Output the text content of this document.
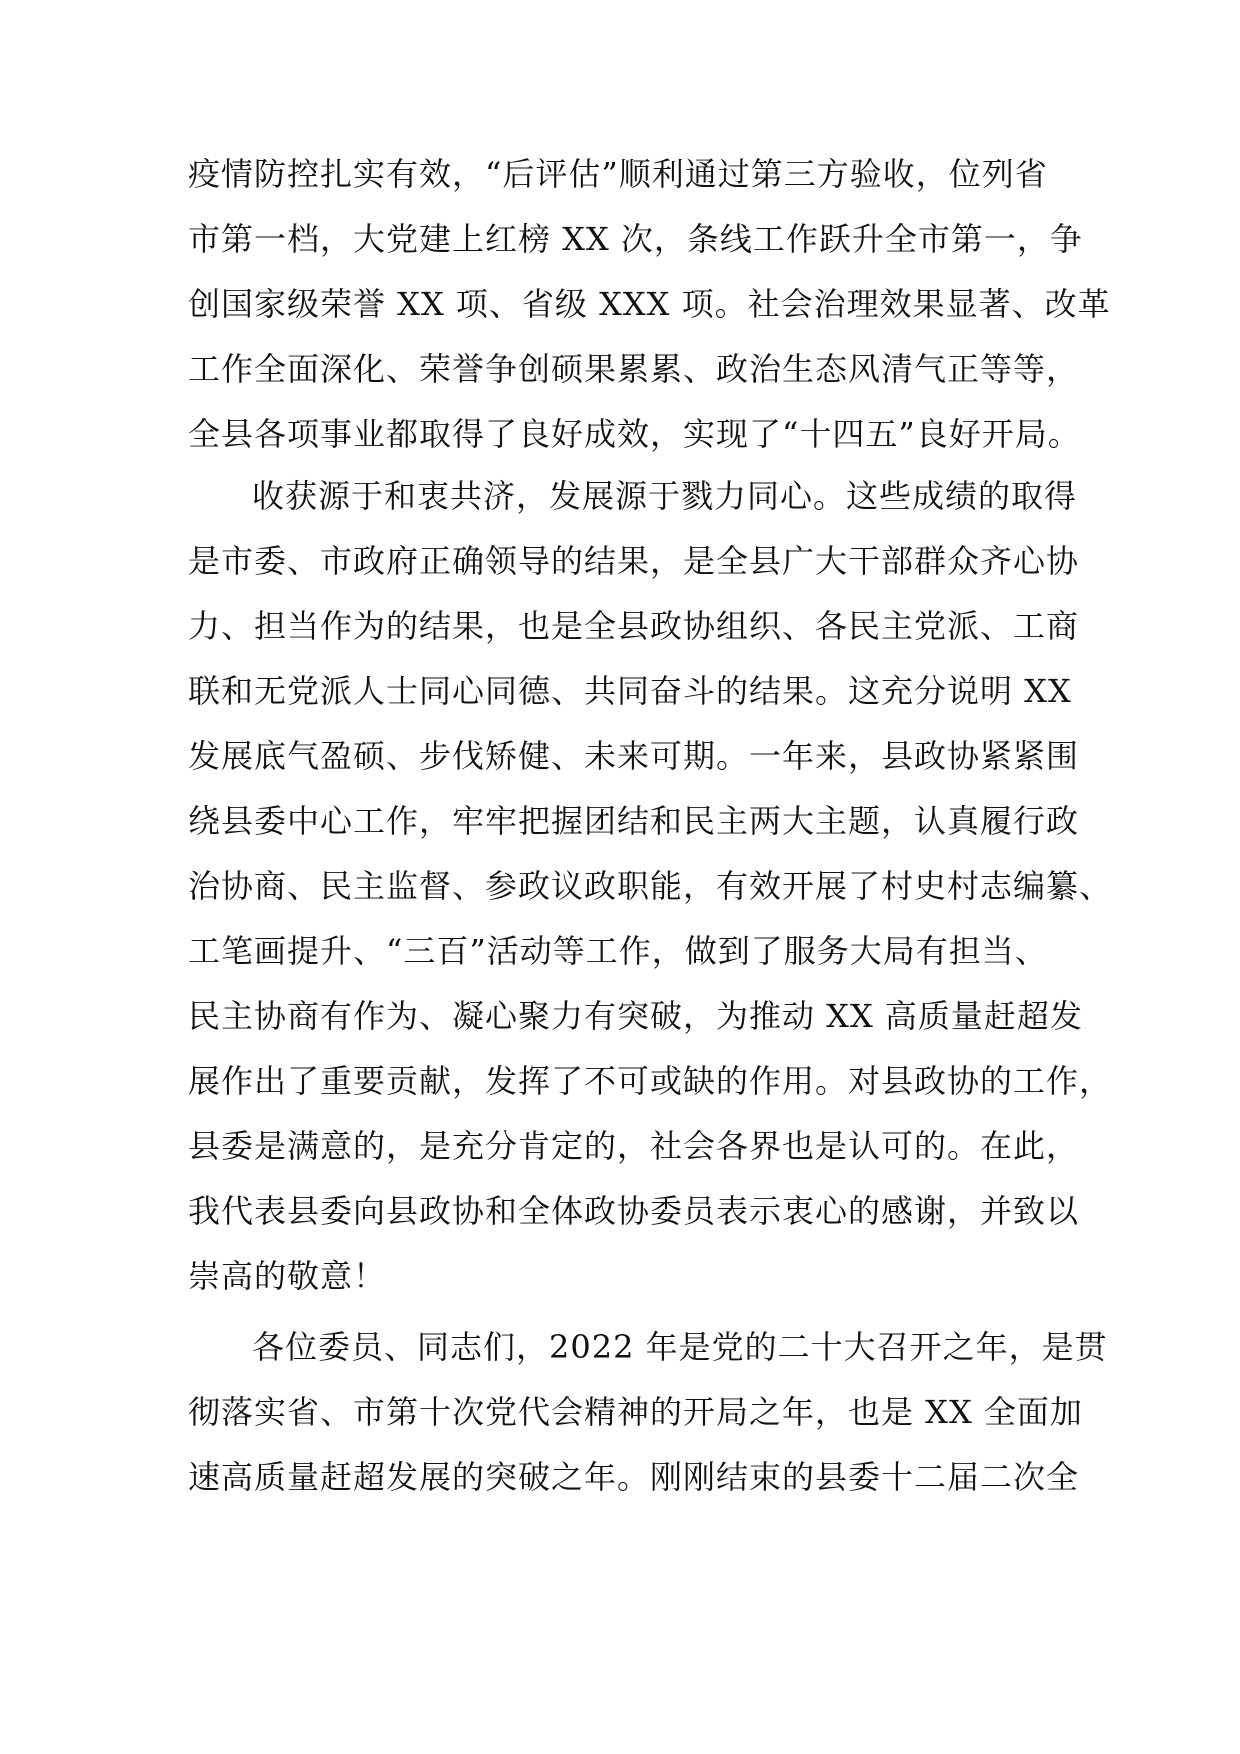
疫情防控扎实有效，“后评估”顺利通过第三方验收，位列省
市第一档，大党建上红榜 XX 次，条线工作跃升全市第一，争
创国家级荣誉 XX 项、省级 XXX 项。社会治理效果显著、改革
工作全面深化、荣誉争创硕果累累、政治生态风清气正等等，
全县各项事业都取得了良好成效，实现了“十四五”良好开局。
收获源于和衷共济，发展源于戮力同心。这些成绩的取得
是市委、市政府正确领导的结果，是全县广大干部群众齐心协
力、担当作为的结果，也是全县政协组织、各民主党派、工商
联和无党派人士同心同德、共同奋斗的结果。这充分说明 XX
发展底气盈硕、步伐矫健、未来可期。一年来，县政协紧紧围
绕县委中心工作，牢牢把握团结和民主两大主题，认真履行政
治协商、民主监督、参政议政职能，有效开展了村史村志编纂、
工笔画提升、“三百”活动等工作，做到了服务大局有担当、
民主协商有作为、凝心聚力有突破，为推动 XX 高质量赶超发
展作出了重要贡献，发挥了不可或缺的作用。对县政协的工作，
县委是满意的，是充分肯定的，社会各界也是认可的。在此，
我代表县委向县政协和全体政协委员表示衷心的感谢，并致以
崇高的敬意！
各位委员、同志们，2022 年是党的二十大召开之年，是贯
彻落实省、市第十次党代会精神的开局之年，也是 XX 全面加
速高质量赶超发展的突破之年。刚刚结束的县委十二届二次全
